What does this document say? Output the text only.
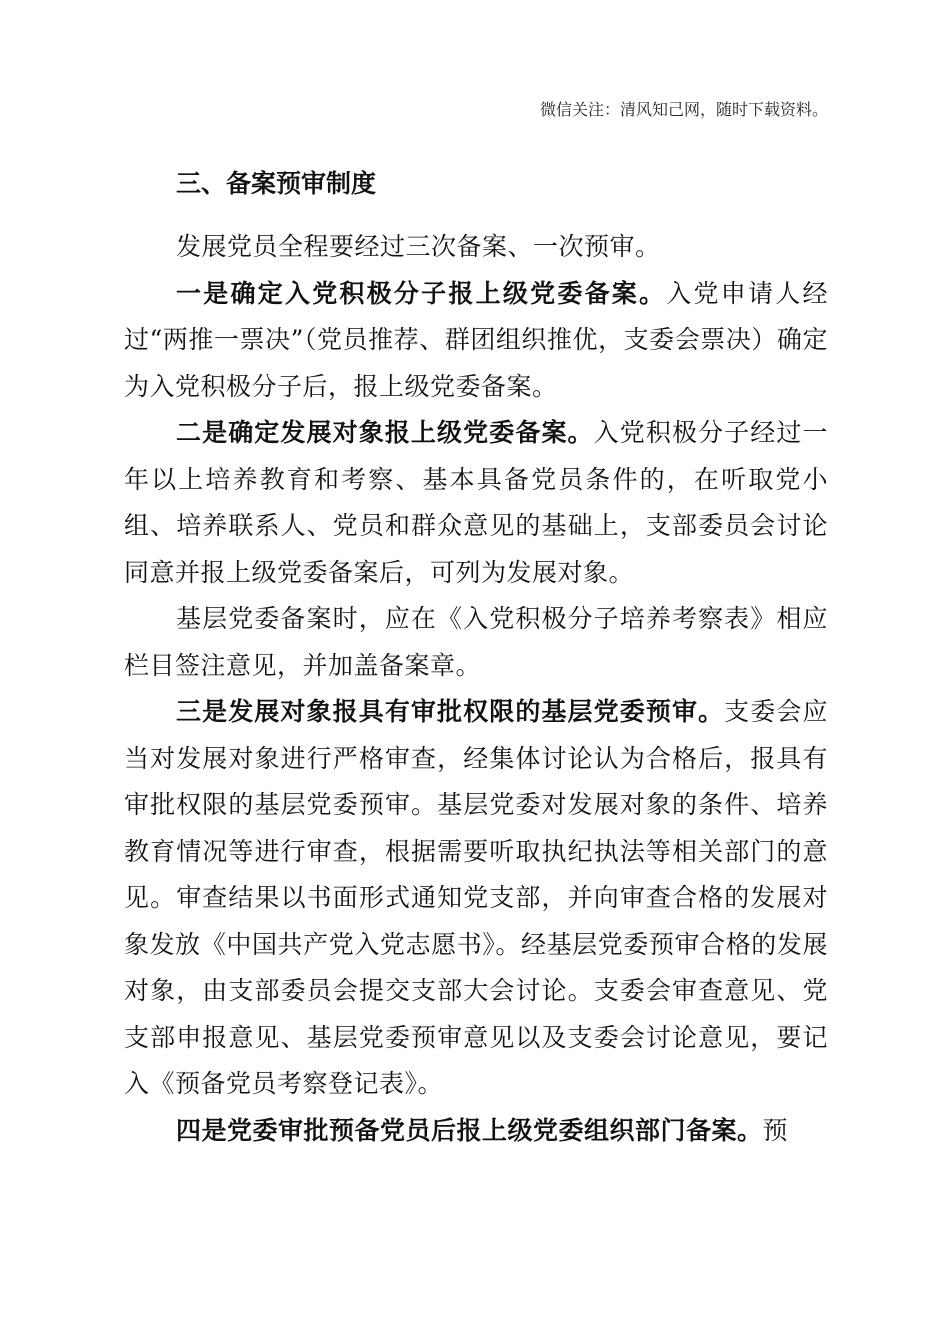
微信关注：清风知己网，随时下载资料。
三、备案预审制度

发展党员全程要经过三次备案、一次预审。

一是确定入党积极分子报上级党委备案。入党申请人经过“两推一票决”（党员推荐、群团组织推优，支委会票决）确定为入党积极分子后，报上级党委备案。

二是确定发展对象报上级党委备案。入党积极分子经过一年以上培养教育和考察、基本具备党员条件的，在听取党小组、培养联系人、党员和群众意见的基础上，支部委员会讨论同意并报上级党委备案后，可列为发展对象。

基层党委备案时，应在《入党积极分子培养考察表》相应栏目签注意见，并加盖备案章。

三是发展对象报具有审批权限的基层党委预审。支委会应当对发展对象进行严格审查，经集体讨论认为合格后，报具有审批权限的基层党委预审。基层党委对发展对象的条件、培养教育情况等进行审查，根据需要听取执纪执法等相关部门的意见。审查结果以书面形式通知党支部，并向审查合格的发展对象发放《中国共产党入党志愿书》。经基层党委预审合格的发展对象，由支部委员会提交支部大会讨论。支委会审查意见、党支部申报意见、基层党委预审意见以及支委会讨论意见，要记入《预备党员考察登记表》。

四是党委审批预备党员后报上级党委组织部门备案。预
